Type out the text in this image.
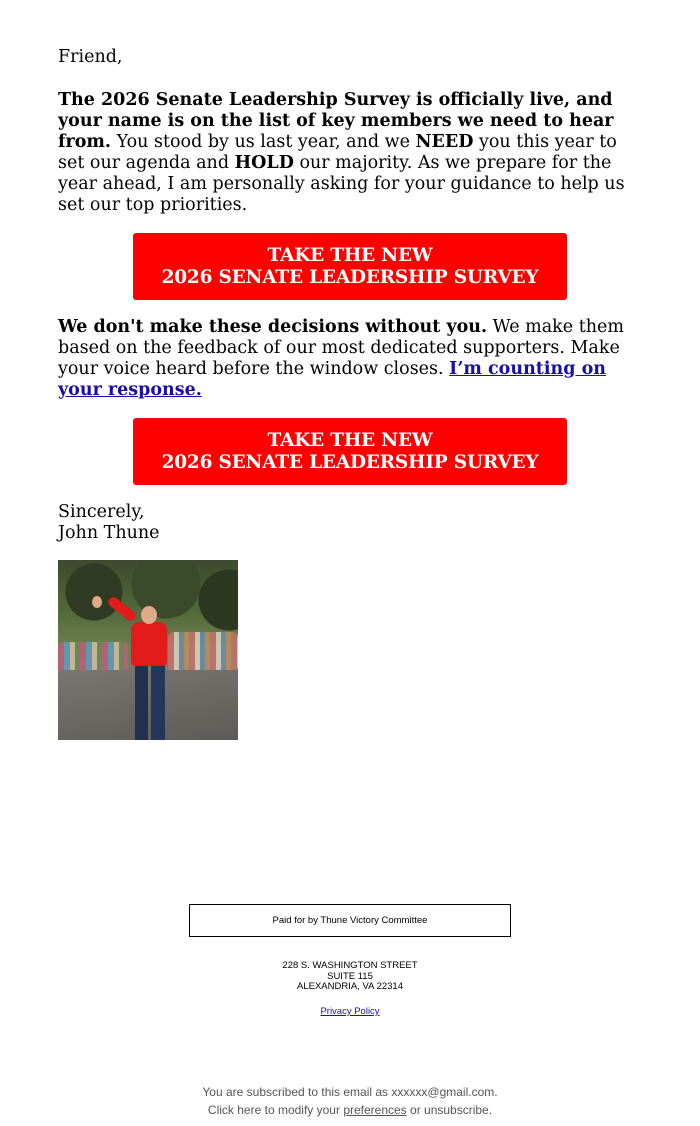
Friend,

The 2026 Senate Leadership Survey is officially live, and your name is on the list of key members we need to hear from. You stood by us last year, and we NEED you this year to set our agenda and HOLD our majority. As we prepare for the year ahead, I am personally asking for your guidance to help us set our top priorities.

TAKE THE NEW
2026 SENATE LEADERSHIP SURVEY

We don't make these decisions without you. We make them based on the feedback of our most dedicated supporters. Make your voice heard before the window closes. I’m counting on your response.

TAKE THE NEW
2026 SENATE LEADERSHIP SURVEY
Sincerely,
John Thune
Paid for by Thune Victory Committee
228 S. WASHINGTON STREET
SUITE 115
ALEXANDRIA, VA 22314
Privacy Policy
You are subscribed to this email as xxxxxx@gmail.com.
Click here to modify your preferences or unsubscribe.
